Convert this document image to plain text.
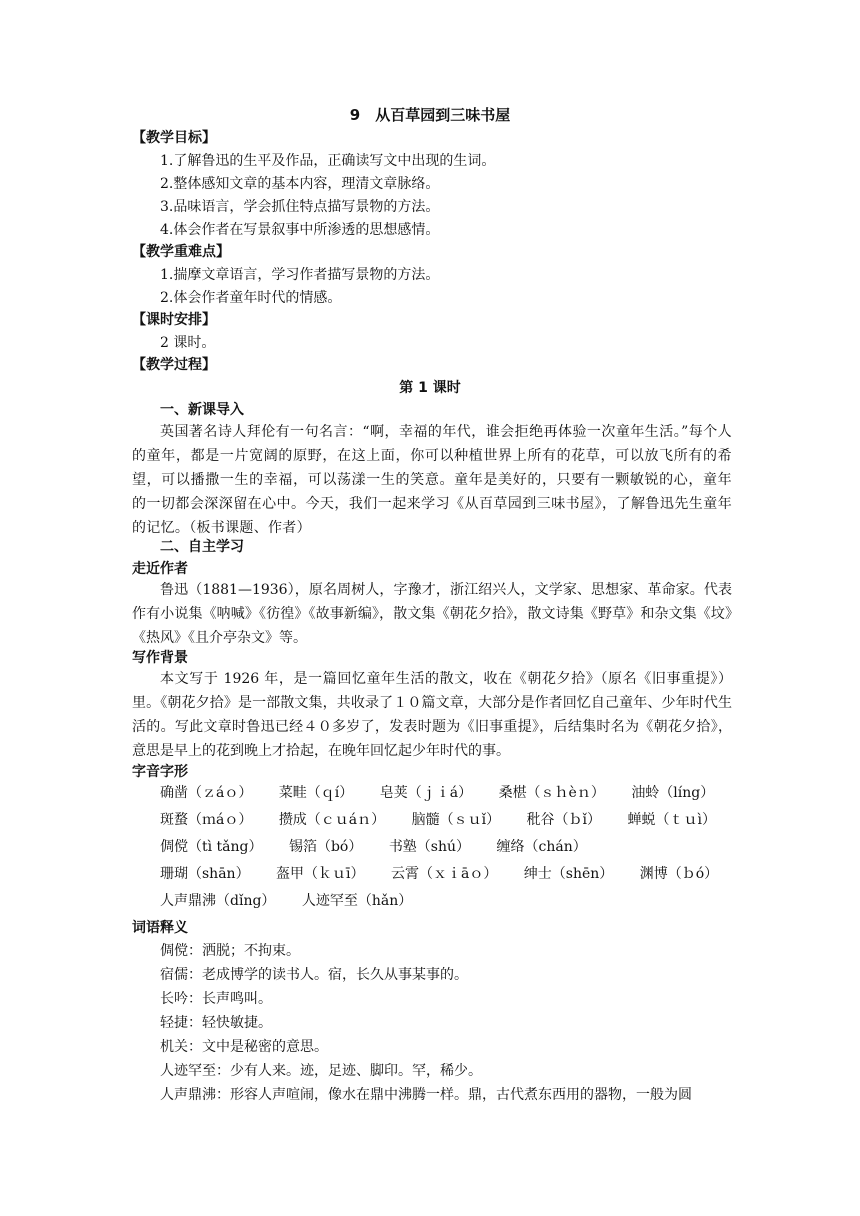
9　从百草园到三味书屋
【教学目标】
1.了解鲁迅的生平及作品，正确读写文中出现的生词。
2.整体感知文章的基本内容，理清文章脉络。
3.品味语言，学会抓住特点描写景物的方法。
4.体会作者在写景叙事中所渗透的思想感情。
【教学重难点】
1.揣摩文章语言，学习作者描写景物的方法。
2.体会作者童年时代的情感。
【课时安排】
2 课时。
【教学过程】
第 1 课时
一、新课导入
英国著名诗人拜伦有一句名言：“啊，幸福的年代，谁会拒绝再体验一次童年生活。”每个人的童年，都是一片宽阔的原野，在这上面，你可以种植世界上所有的花草，可以放飞所有的希望，可以播撒一生的幸福，可以荡漾一生的笑意。童年是美好的，只要有一颗敏锐的心，童年的一切都会深深留在心中。今天，我们一起来学习《从百草园到三味书屋》，了解鲁迅先生童年的记忆。（板书课题、作者）
二、自主学习
走近作者
鲁迅（1881—1936），原名周树人，字豫才，浙江绍兴人，文学家、思想家、革命家。代表作有小说集《呐喊》《彷徨》《故事新编》，散文集《朝花夕拾》，散文诗集《野草》和杂文集《坟》《热风》《且介亭杂文》等。
写作背景
本文写于 1926 年，是一篇回忆童年生活的散文，收在《朝花夕拾》（原名《旧事重提》）里。《朝花夕拾》是一部散文集，共收录了１０篇文章，大部分是作者回忆自己童年、少年时代生活的。写此文章时鲁迅已经４０多岁了，发表时题为《旧事重提》，后结集时名为《朝花夕拾》，意思是早上的花到晚上才拾起，在晚年回忆起少年时代的事。
字音字形
确凿（ｚáｏ） 菜畦（ｑí） 皂荚（ｊｉá） 桑椹（ｓｈèｎ） 油蛉（líng）
斑蝥（ｍáｏ） 攒成（ｃｕáｎ） 脑髓（ｓｕǐ） 秕谷（ｂǐ） 蝉蜕（ｔｕì）
倜傥（tì tǎng） 锡箔（bó） 书塾（shú） 缠络（chán）
珊瑚（shān） 盔甲（ｋｕī） 云霄（ｘｉāｏ） 绅士（shēn） 渊博（ｂó）
人声鼎沸（dǐng） 人迹罕至（hǎn）
词语释义
倜傥：洒脱；不拘束。
宿儒：老成博学的读书人。宿，长久从事某事的。
长吟：长声鸣叫。
轻捷：轻快敏捷。
机关：文中是秘密的意思。
人迹罕至：少有人来。迹，足迹、脚印。罕，稀少。
人声鼎沸：形容人声喧闹，像水在鼎中沸腾一样。鼎，古代煮东西用的器物，一般为圆
